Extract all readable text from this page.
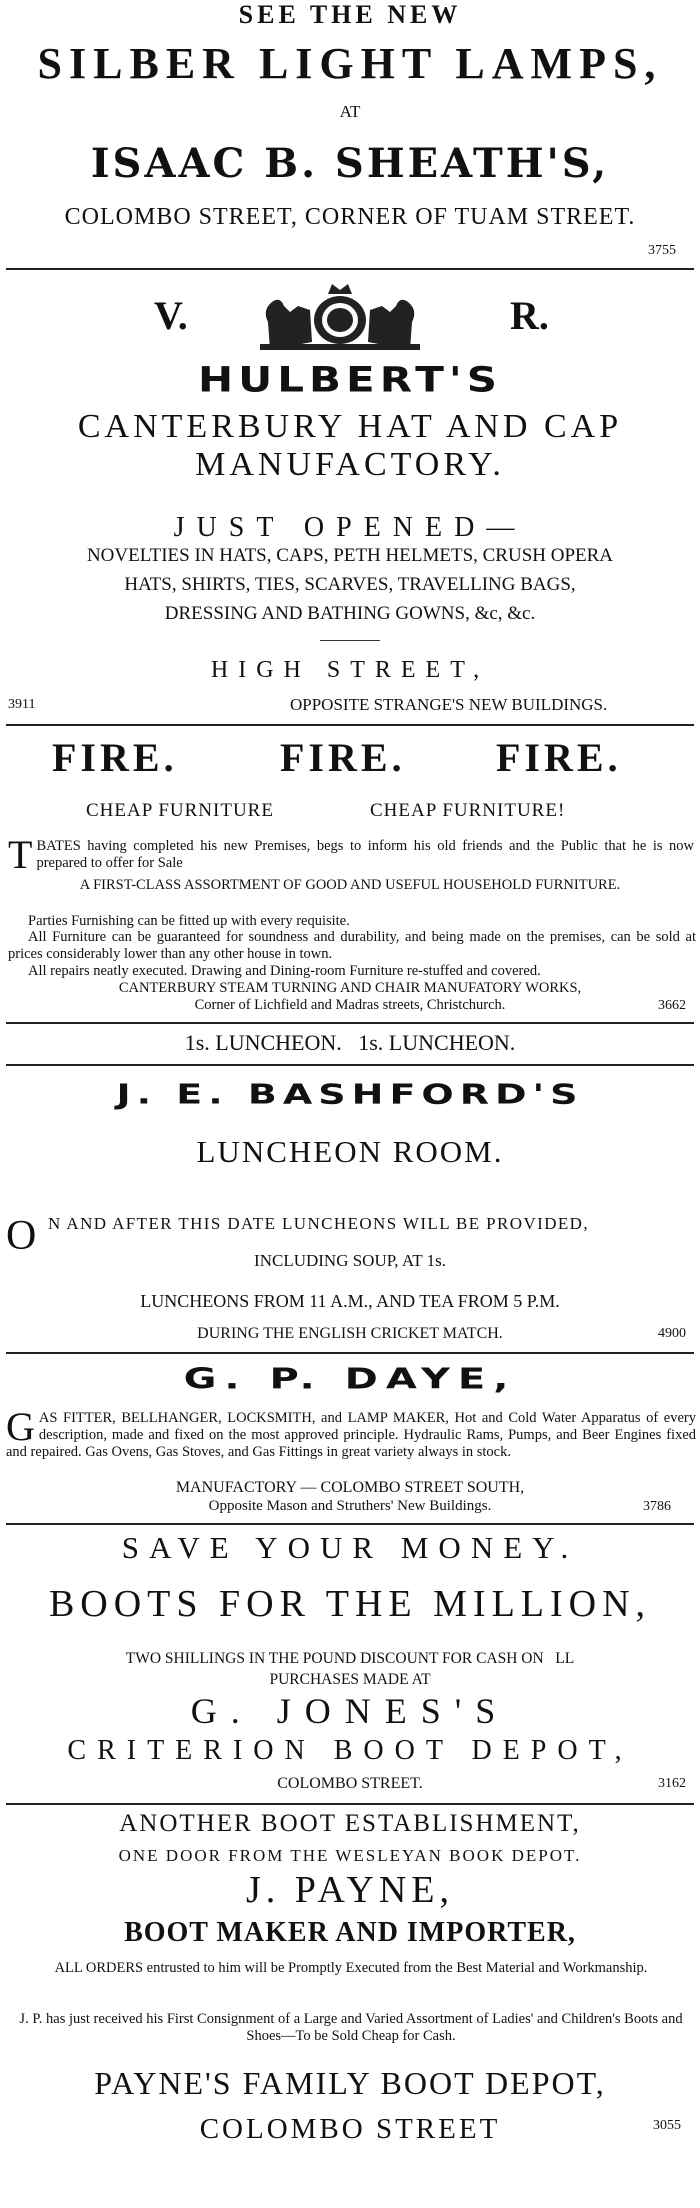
SEE THE NEW
SILBER LIGHT LAMPS,
AT
ISAAC B. SHEATH'S,
COLOMBO STREET, CORNER OF TUAM STREET.
3755
V.	R.
HULBERT'S
CANTERBURY HAT AND CAP
MANUFACTORY.
JUST OPENED—
NOVELTIES IN HATS, CAPS, PETH HELMETS, CRUSH OPERA
HATS, SHIRTS, TIES, SCARVES, TRAVELLING BAGS,
DRESSING AND BATHING GOWNS, &c, &c.
HIGH STREET,
3911	OPPOSITE STRANGE'S NEW BUILDINGS.
FIRE.	FIRE. FIRE.
CHEAP FURNITURE	CHEAP FURNITURE!
TBATES having completed his new Premises, begs to inform his old friends and the Public that he is now prepared to offer for Sale
A FIRST-CLASS ASSORTMENT OF GOOD AND USEFUL HOUSEHOLD FURNITURE.
Parties Furnishing can be fitted up with every requisite.
All Furniture can be guaranteed for soundness and durability, and being made on the premises, can be sold at prices considerably lower than any other house in town.
All repairs neatly executed. Drawing and Dining-room Furniture re-stuffed and covered.
CANTERBURY STEAM TURNING AND CHAIR MANUFATORY WORKS,
Corner of Lichfield and Madras streets, Christchurch.	3662
1s. LUNCHEON.   1s. LUNCHEON.
J. E. BASHFORD'S
LUNCHEON ROOM.
O N AND AFTER THIS DATE LUNCHEONS WILL BE PROVIDED,
INCLUDING SOUP, AT 1s.
LUNCHEONS FROM 11 A.M., AND TEA FROM 5 P.M.
DURING THE ENGLISH CRICKET MATCH.	4900
G. P. DAYE,
GAS FITTER, BELLHANGER, LOCKSMITH, and LAMP MAKER, Hot and Cold Water Apparatus of every description, made and fixed on the most approved principle. Hydraulic Rams, Pumps, and Beer Engines fixed and repaired. Gas Ovens, Gas Stoves, and Gas Fittings in great variety always in stock.
MANUFACTORY — COLOMBO STREET SOUTH,
Opposite Mason and Struthers' New Buildings.	3786
SAVE YOUR MONEY.
BOOTS FOR THE MILLION,
TWO SHILLINGS IN THE POUND DISCOUNT FOR CASH ON   LL
PURCHASES MADE AT
G. JONES'S
CRITERION BOOT DEPOT,
COLOMBO STREET.	3162
ANOTHER BOOT ESTABLISHMENT,
ONE DOOR FROM THE WESLEYAN BOOK DEPOT.
J. PAYNE,
BOOT MAKER AND IMPORTER,
ALL ORDERS entrusted to him will be Promptly Executed from the Best Material and Workmanship.
J. P. has just received his First Consignment of a Large and Varied Assortment of Ladies' and Children's Boots and Shoes—To be Sold Cheap for Cash.
PAYNE'S FAMILY BOOT DEPOT,
COLOMBO STREET	3055
